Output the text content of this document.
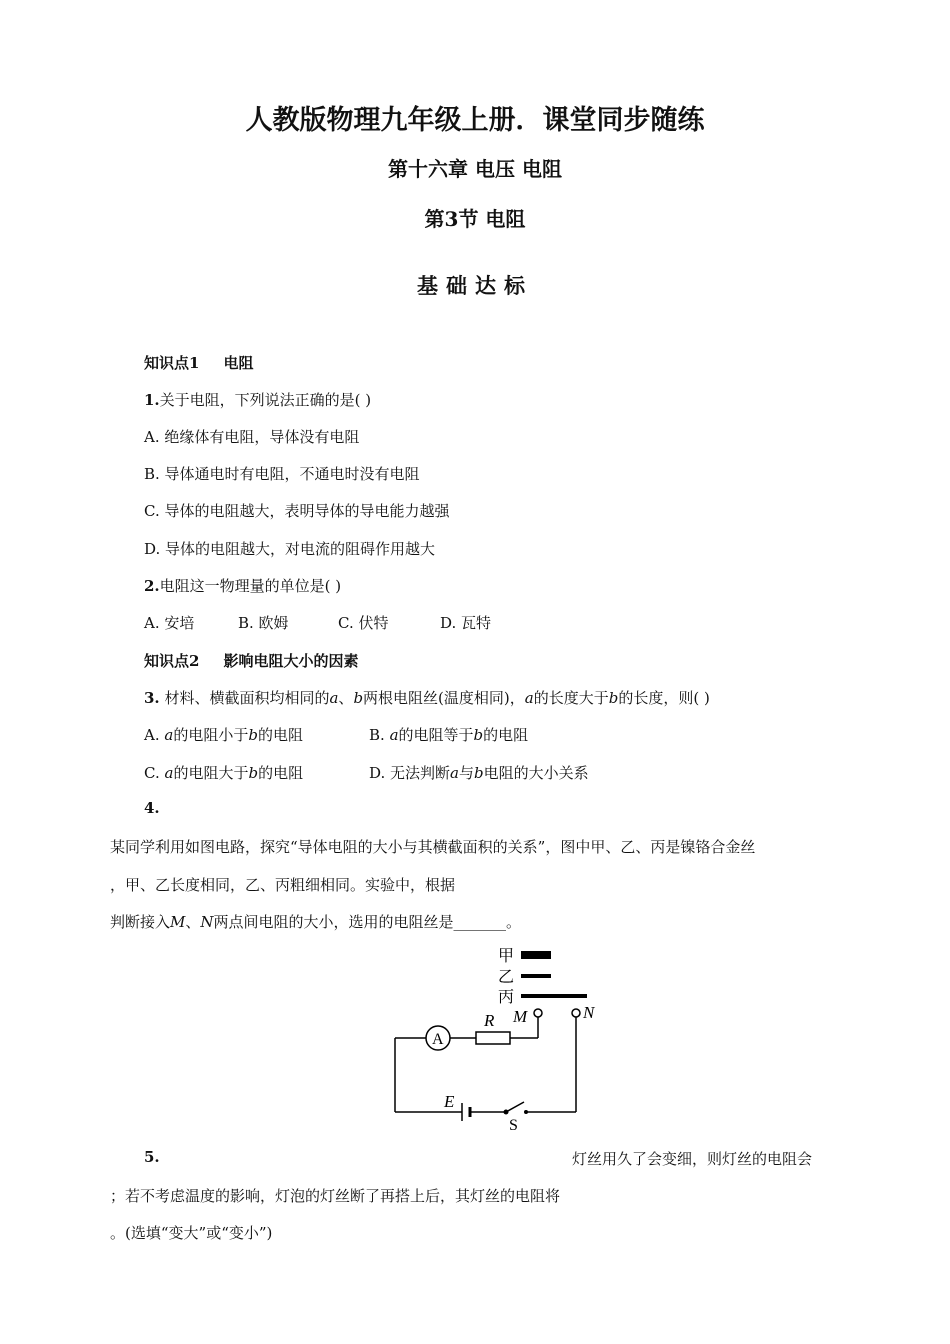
人教版物理九年级上册．课堂同步随练
第十六章 电压 电阻
第3节 电阻
基础达标
知识点1 电阻
1.关于电阻，下列说法正确的是( )
A. 绝缘体有电阻，导体没有电阻
B. 导体通电时有电阻，不通电时没有电阻
C. 导体的电阻越大，表明导体的导电能力越强
D. 导体的电阻越大，对电流的阻碍作用越大
2.电阻这一物理量的单位是( )
A. 安培	B. 欧姆	C. 伏特	D. 瓦特
知识点2 影响电阻大小的因素
3. 材料、横截面积均相同的a、b两根电阻丝(温度相同)，a的长度大于b的长度，则( )
A. a的电阻小于b的电阻	B. a的电阻等于b的电阻
C. a的电阻大于b的电阻	D. 无法判断a与b电阻的大小关系
4.
某同学利用如图电路，探究“导体电阻的大小与其横截面积的关系”，图中甲、乙、丙是镍铬合金丝
，甲、乙长度相同，乙、丙粗细相同。实验中，根据
判断接入M、N两点间电阻的大小，选用的电阻丝是_______。
甲
乙
丙
A
R M	N
E
S
5.	灯丝用久了会变细，则灯丝的电阻会
；若不考虑温度的影响，灯泡的灯丝断了再搭上后，其灯丝的电阻将
。(选填“变大”或“变小”)
